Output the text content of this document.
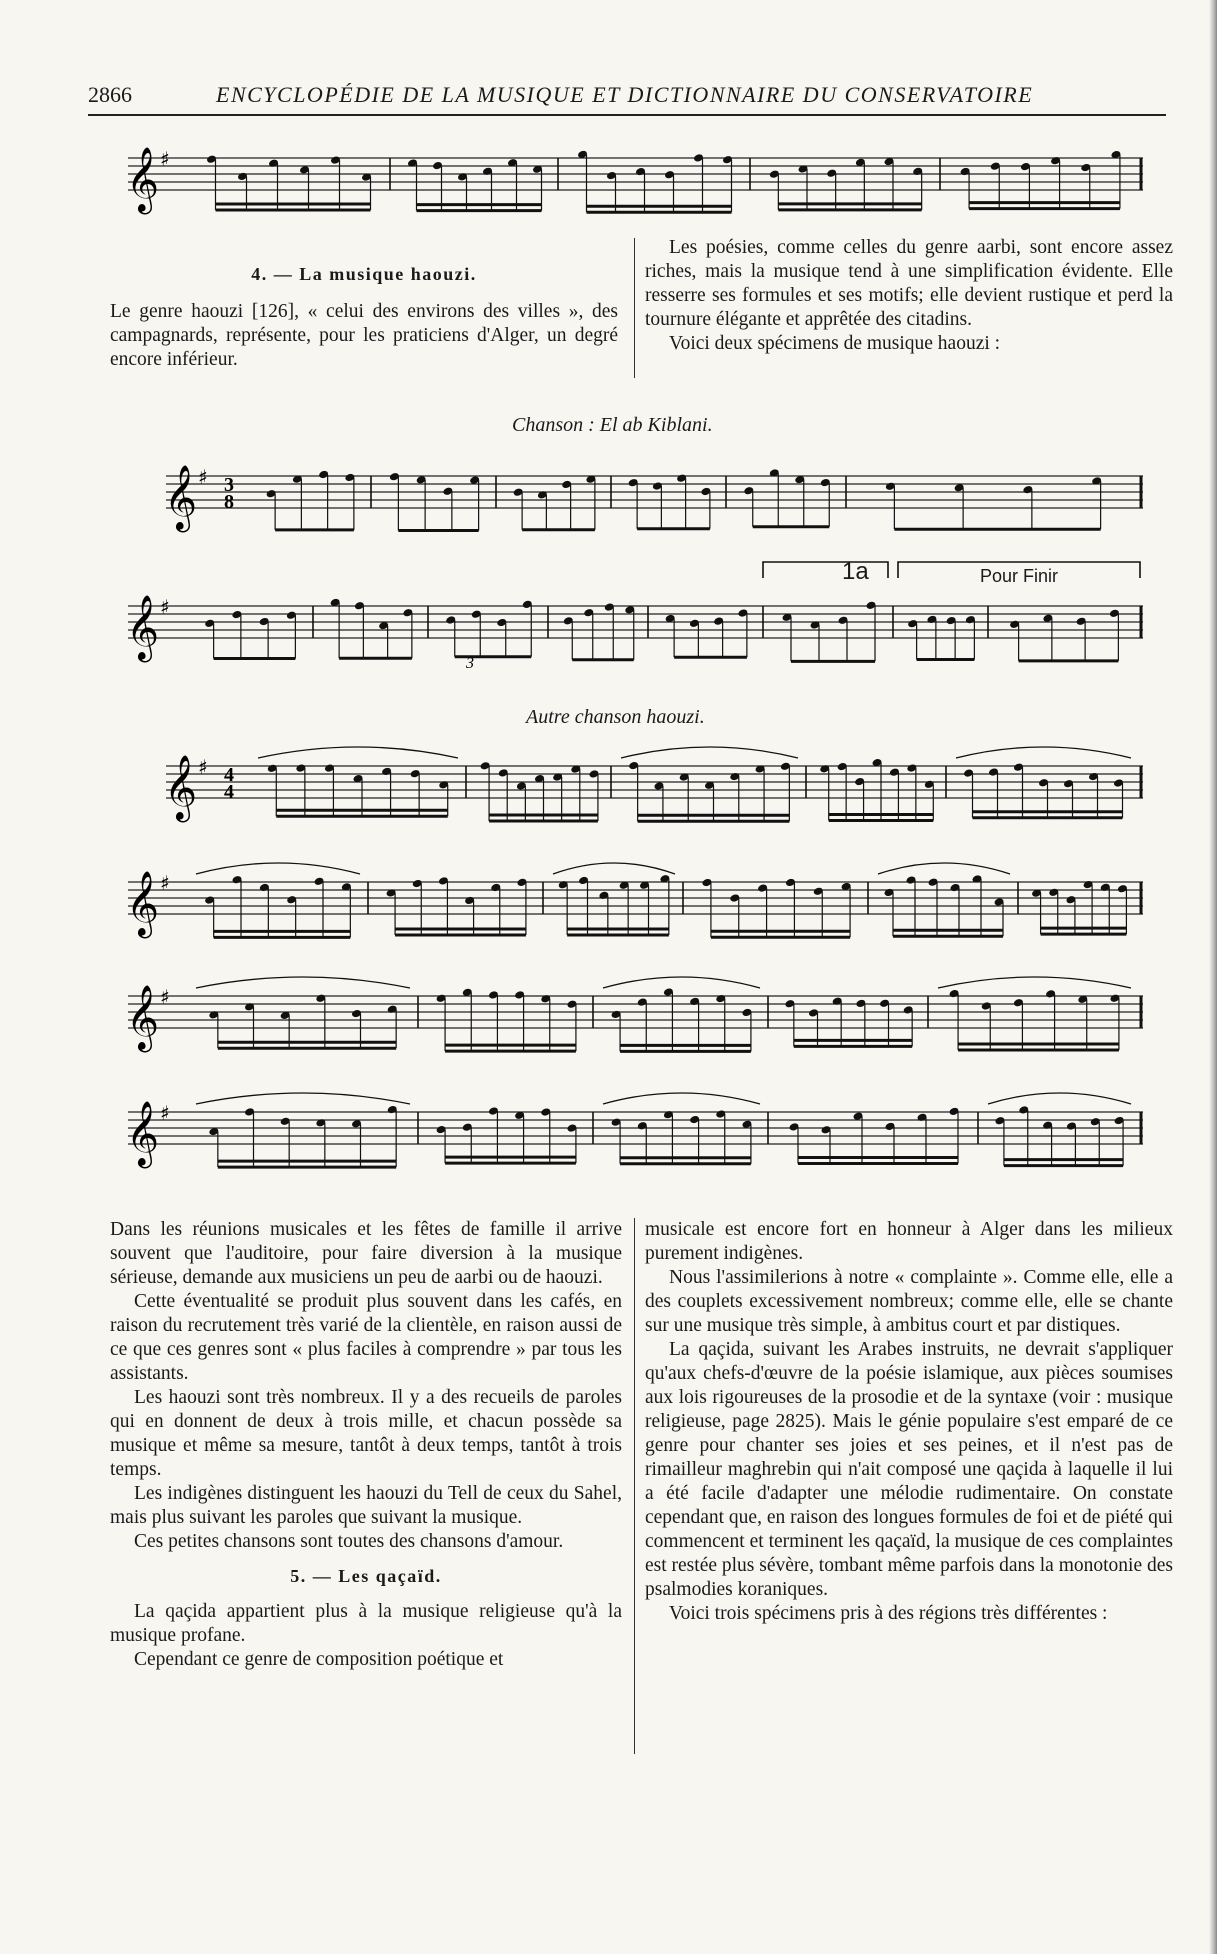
2866	ENCYCLOPÉDIE DE LA MUSIQUE ET DICTIONNAIRE DU CONSERVATOIRE
𝄞 ♯
4. — La musique haouzi.

Le genre haouzi [126], « celui des environs des villes », des campagnards, représente, pour les praticiens d'Alger, un degré encore inférieur.

Les poésies, comme celles du genre aarbi, sont encore assez riches, mais la musique tend à une simplification évidente. Elle resserre ses formules et ses motifs; elle devient rustique et perd la tournure élégante et apprêtée des citadins.

Voici deux spécimens de musique haouzi :

Chanson : El ab Kiblani.
𝄞 ♯ 3
8
𝄞 ♯
3
1a	Pour Finir
Autre chanson haouzi.
𝄞 ♯ 4
4
𝄞 ♯
𝄞 ♯
𝄞 ♯

Dans les réunions musicales et les fêtes de famille il arrive souvent que l'auditoire, pour faire diversion à la musique sérieuse, demande aux musiciens un peu de aarbi ou de haouzi.

Cette éventualité se produit plus souvent dans les cafés, en raison du recrutement très varié de la clientèle, en raison aussi de ce que ces genres sont « plus faciles à comprendre » par tous les assistants.

Les haouzi sont très nombreux. Il y a des recueils de paroles qui en donnent de deux à trois mille, et chacun possède sa musique et même sa mesure, tantôt à deux temps, tantôt à trois temps.

Les indigènes distinguent les haouzi du Tell de ceux du Sahel, mais plus suivant les paroles que suivant la musique.

Ces petites chansons sont toutes des chansons d'amour.

5. — Les qaçaïd.

La qaçida appartient plus à la musique religieuse qu'à la musique profane.

Cependant ce genre de composition poétique et

musicale est encore fort en honneur à Alger dans les milieux purement indigènes.

Nous l'assimilerions à notre « complainte ». Comme elle, elle a des couplets excessivement nombreux; comme elle, elle se chante sur une musique très simple, à ambitus court et par distiques.

La qaçida, suivant les Arabes instruits, ne devrait s'appliquer qu'aux chefs-d'œuvre de la poésie islamique, aux pièces soumises aux lois rigoureuses de la prosodie et de la syntaxe (voir : musique religieuse, page 2825). Mais le génie populaire s'est emparé de ce genre pour chanter ses joies et ses peines, et il n'est pas de rimailleur maghrebin qui n'ait composé une qaçida à laquelle il lui a été facile d'adapter une mélodie rudimentaire. On constate cependant que, en raison des longues formules de foi et de piété qui commencent et terminent les qaçaïd, la musique de ces complaintes est restée plus sévère, tombant même parfois dans la monotonie des psalmodies koraniques.

Voici trois spécimens pris à des régions très différentes :
